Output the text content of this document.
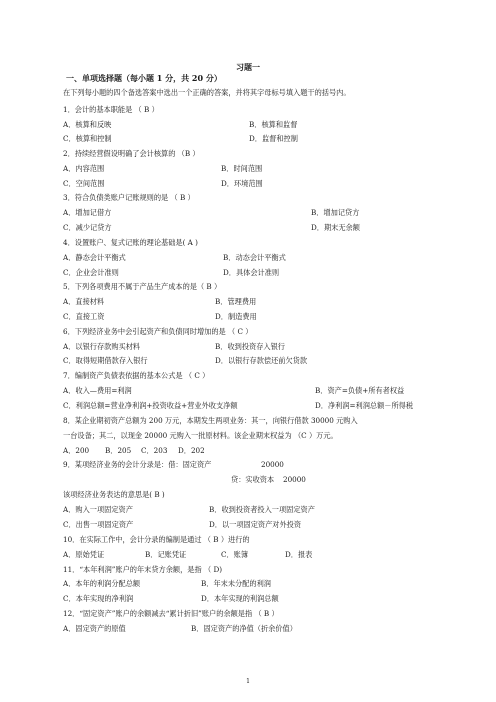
习题一
一、单项选择题（每小题 1 分，共 20 分）
在下列每小题的四个备选答案中选出一个正确的答案，并将其字母标号填入题干的括号内。
1．会计的基本职能是 （ B ）
A．核算和反映	B．核算和监督
C．核算和控制	D．监督和控制
2．持续经营假设明确了会计核算的 （B ）
A．内容范围	B．时间范围
C．空间范围	D．环境范围
3．符合负债类账户记账规则的是 （ B ）
A．增加记借方	B．增加记贷方
C．减少记贷方	D．期末无余额
4．设置账户、复式记账的理论基础是( A )
A．静态会计平衡式	B．动态会计平衡式
C．企业会计准则	D．具体会计准则
5．下列各项费用不属于产品生产成本的是（ B ）
A．直接材料	B．管理费用
C．直接工资	D．制造费用
6．下列经济业务中会引起资产和负债同时增加的是 （ C ）
A．以银行存款购买材料	B．收到投资存入银行
C．取得短期借款存入银行	D．以银行存款偿还前欠货款
7．编制资产负债表依据的基本公式是 （ C ）
A．收入—费用=利润	B．资产=负债+所有者权益
C．利润总额=营业净利润+投资收益+营业外收支净额	D．净利润=利润总额－所得税
8．某企业期初资产总额为 200 万元，本期发生两项业务：其一，向银行借款 30000 元购入
一台设备；其二，以现金 20000 元购入一批原材料。该企业期末权益为 （C ）万元。
A．200 B．205 C．203 D．202
9．某项经济业务的会计分录是：借：固定资产	20000
贷：实收资本 20000
该项经济业务表达的意思是( B )
A．购入一项固定资产	B．收到投资者投入一项固定资产
C．出售一项固定资产	D．以一项固定资产对外投资
10．在实际工作中，会计分录的编制是通过 （ B ）进行的
A．原始凭证	B．记账凭证	C．账簿	D．报表
11．“本年利润”账户的年末贷方余额，是指 （ D)
A．本年的利润分配总额	B．年末未分配的利润
C．本年实现的净利润	D．本年实现的利润总额
12．“固定资产”账户的余额减去“累计折旧”账户的余额是指 （ B ）
A．固定资产的原值	B．固定资产的净值（折余价值）
1
